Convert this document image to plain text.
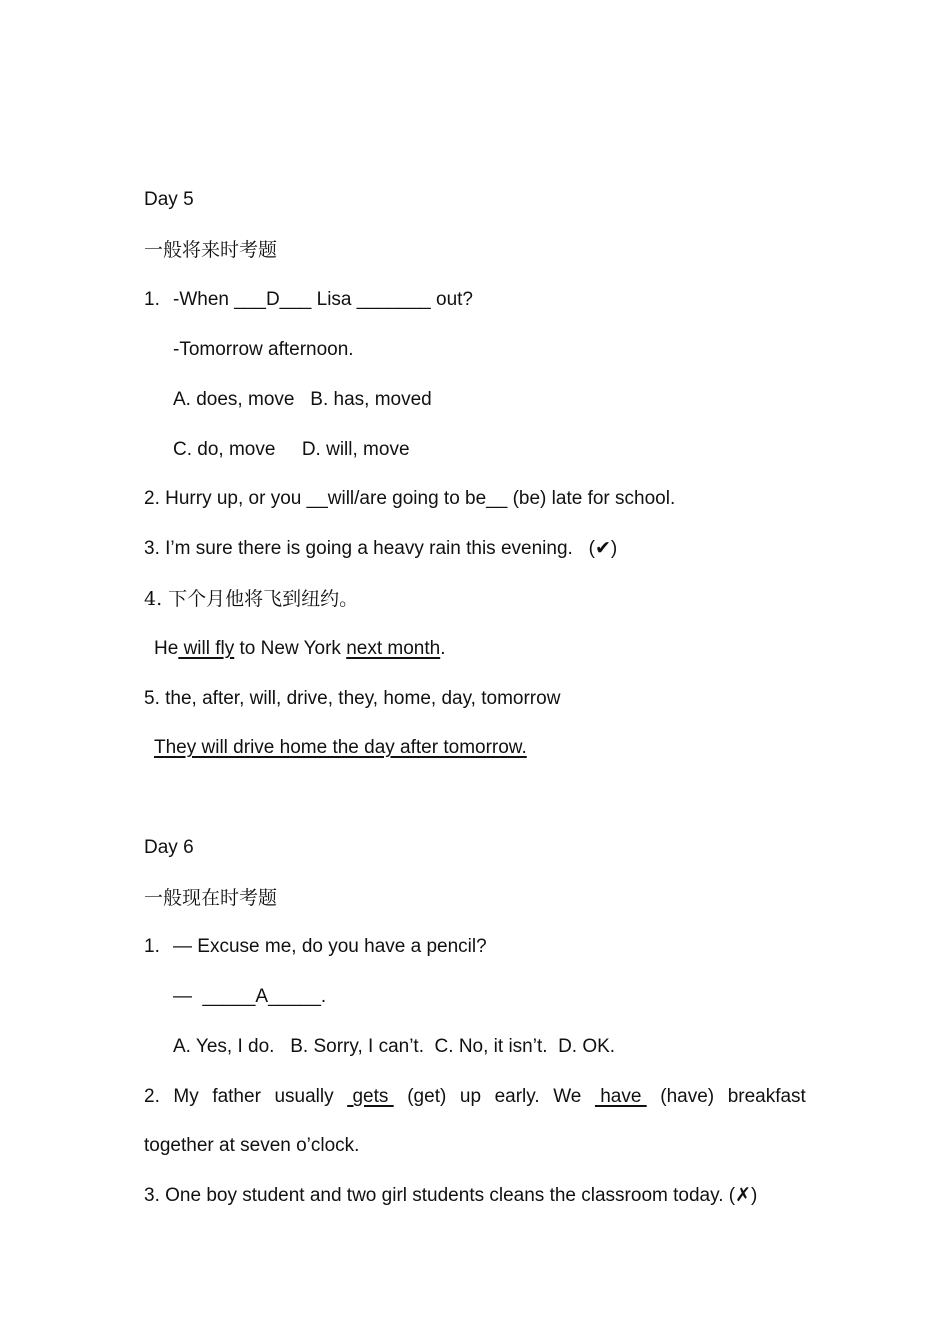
Day 5

一般将来时考题

1. -When ___D___ Lisa _______ out?

-Tomorrow afternoon.

A. does, move   B. has, moved

C. do, move     D. will, move

2. Hurry up, or you __will/are going to be__ (be) late for school.

3. I’m sure there is going a heavy rain this evening.   (✔)

4. 下个月他将飞到纽约。

He will fly to New York next month.

5. the, after, will, drive, they, home, day, tomorrow

They will drive home the day after tomorrow.

Day 6

一般现在时考题

1. — Excuse me, do you have a pencil?

—  _____A_____.

A. Yes, I do.   B. Sorry, I can’t.  C. No, it isn’t.  D. OK.

2. My father usually gets (get) up early. We have (have) breakfast

together at seven o’clock.

3. One boy student and two girl students cleans the classroom today. (✗)
